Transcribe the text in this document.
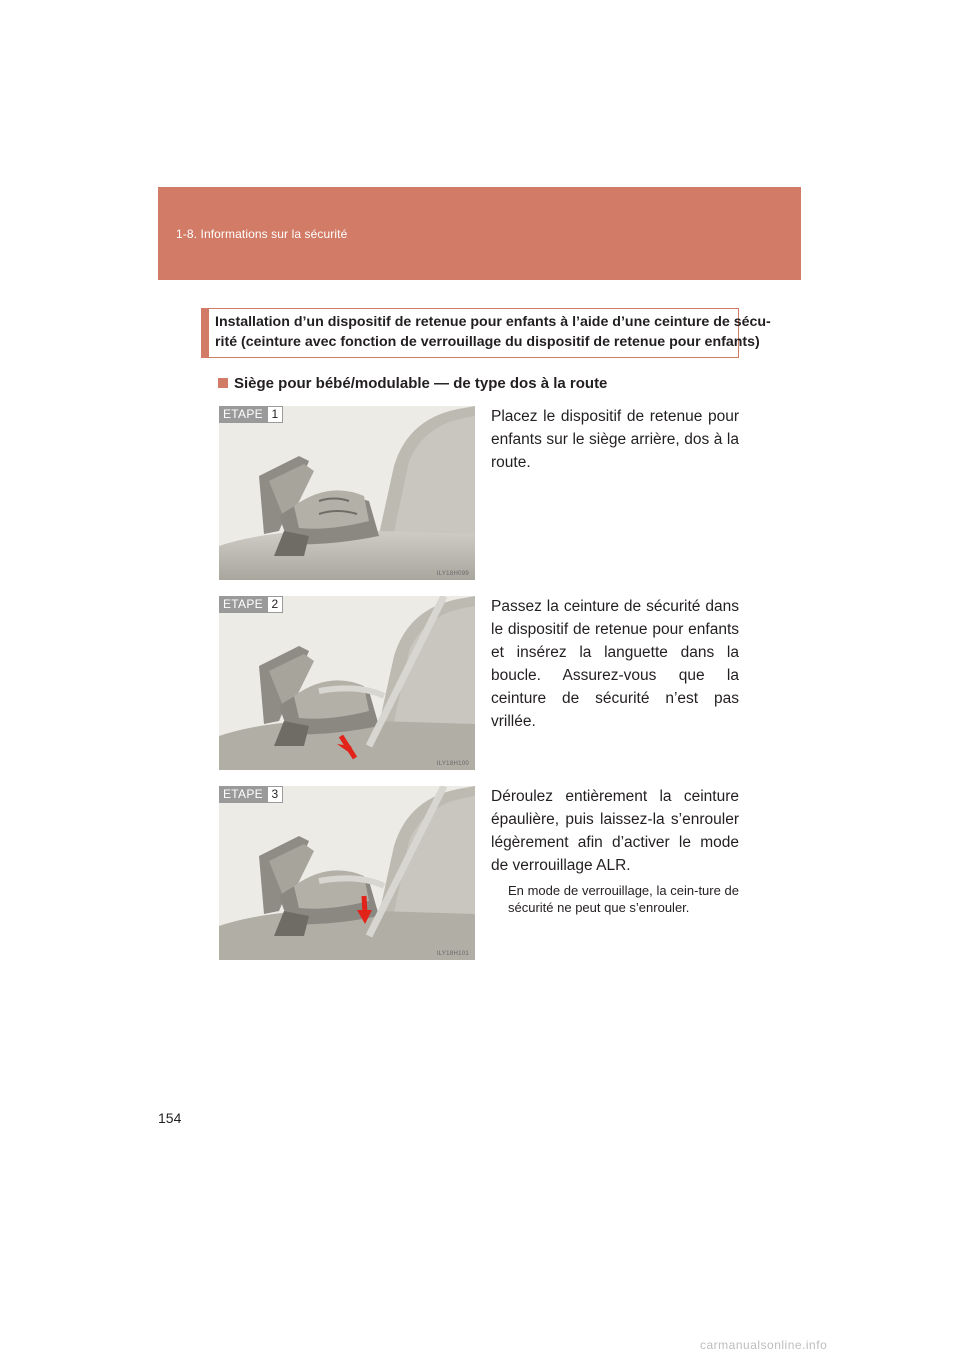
1-8. Informations sur la sécurité
Installation d’un dispositif de retenue pour enfants à l’aide d’une ceinture de sécu-
rité (ceinture avec fonction de verrouillage du dispositif de retenue pour enfants)
Siège pour bébé/modulable — de type dos à la route
ETAPE 1
ILY18H099
Placez le dispositif de retenue pour enfants sur le siège arrière, dos à la route.
ETAPE 2
ILY18H100
Passez la ceinture de sécurité dans le dispositif de retenue pour enfants et insérez la languette dans la boucle. Assurez-vous que la ceinture de sécurité n’est pas vrillée.
ETAPE 3
ILY18H101
Déroulez entièrement la ceinture épaulière, puis laissez-la s’enrouler légèrement afin d’activer le mode de verrouillage ALR.
En mode de verrouillage, la cein-ture de sécurité ne peut que s’enrouler.
154
carmanualsonline.info
